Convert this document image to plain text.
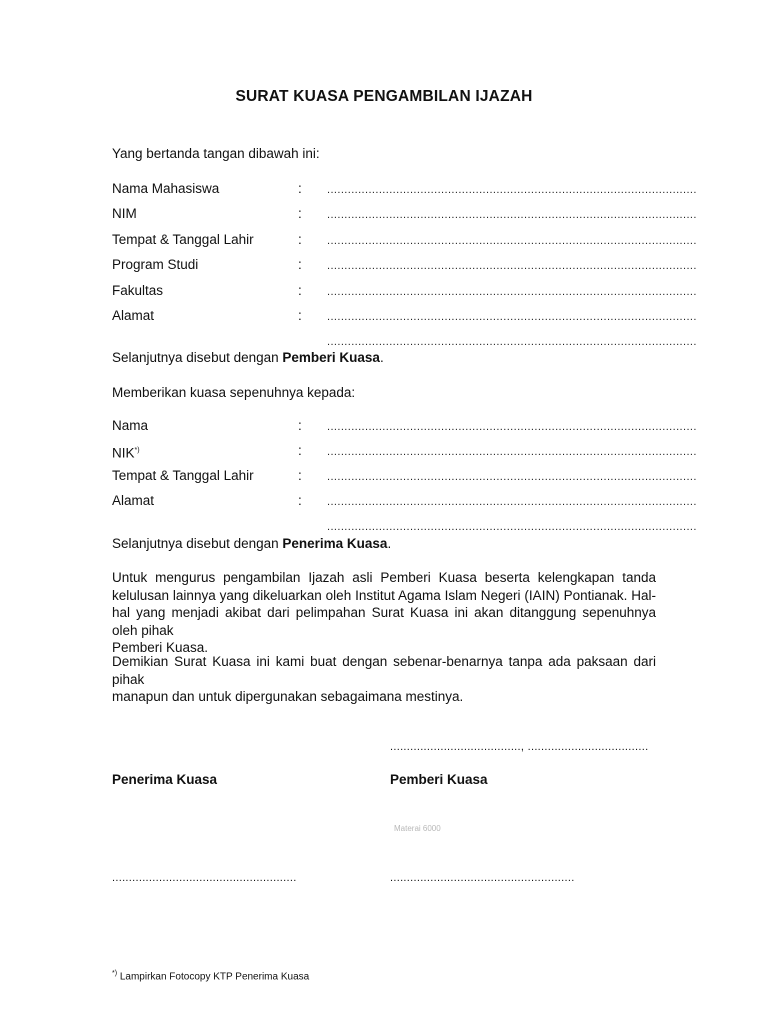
SURAT KUASA PENGAMBILAN IJAZAH
Yang bertanda tangan dibawah ini:
Nama Mahasiswa	: ...........................................................................................................
NIM	: ...........................................................................................................
Tempat & Tanggal Lahir	: ...........................................................................................................
Program Studi	: ...........................................................................................................
Fakultas	: ...........................................................................................................
Alamat	: ...........................................................................................................
...........................................................................................................
Selanjutnya disebut dengan Pemberi Kuasa.
Memberikan kuasa sepenuhnya kepada:
Nama	: ...........................................................................................................
NIK*)	: ...........................................................................................................
Tempat & Tanggal Lahir	: ...........................................................................................................
Alamat	: ...........................................................................................................
...........................................................................................................
Selanjutnya disebut dengan Penerima Kuasa.
Untuk mengurus pengambilan Ijazah asli Pemberi Kuasa beserta kelengkapan tanda kelulusan lainnya yang dikeluarkan oleh Institut Agama Islam Negeri (IAIN) Pontianak. Hal-hal yang menjadi akibat dari pelimpahan Surat Kuasa ini akan ditanggung sepenuhnya oleh pihak
Pemberi Kuasa.
Demikian Surat Kuasa ini kami buat dengan sebenar-benarnya tanpa ada paksaan dari pihak
manapun dan untuk dipergunakan sebagaimana mestinya.
......................................., ....................................
Penerima Kuasa	Pemberi Kuasa
Materai 6000
.......................................................	.......................................................
*) Lampirkan Fotocopy KTP Penerima Kuasa
